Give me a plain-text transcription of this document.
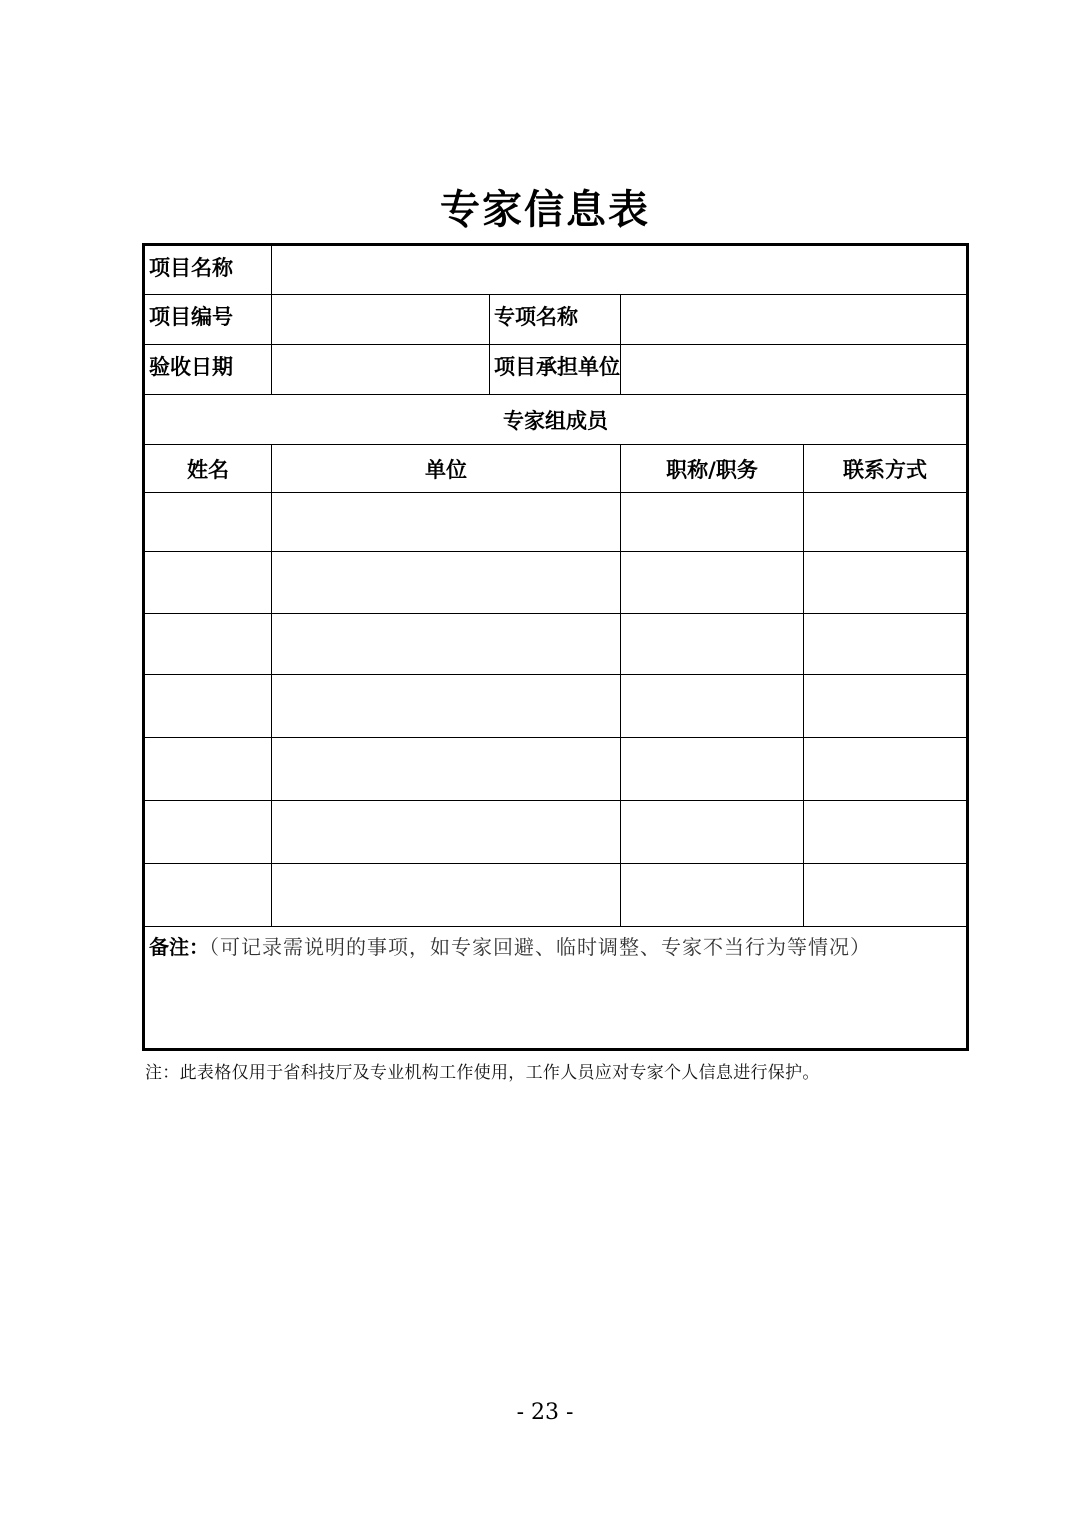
专家信息表
项目名称				
项目编号		专项名称		
验收日期		项目承担单位		
专家组成员				
姓名	单位		职称/职务	联系方式

备注：（可记录需说明的事项，如专家回避、临时调整、专家不当行为等情况）				
注：此表格仅用于省科技厅及专业机构工作使用，工作人员应对专家个人信息进行保护。
- 23 -
